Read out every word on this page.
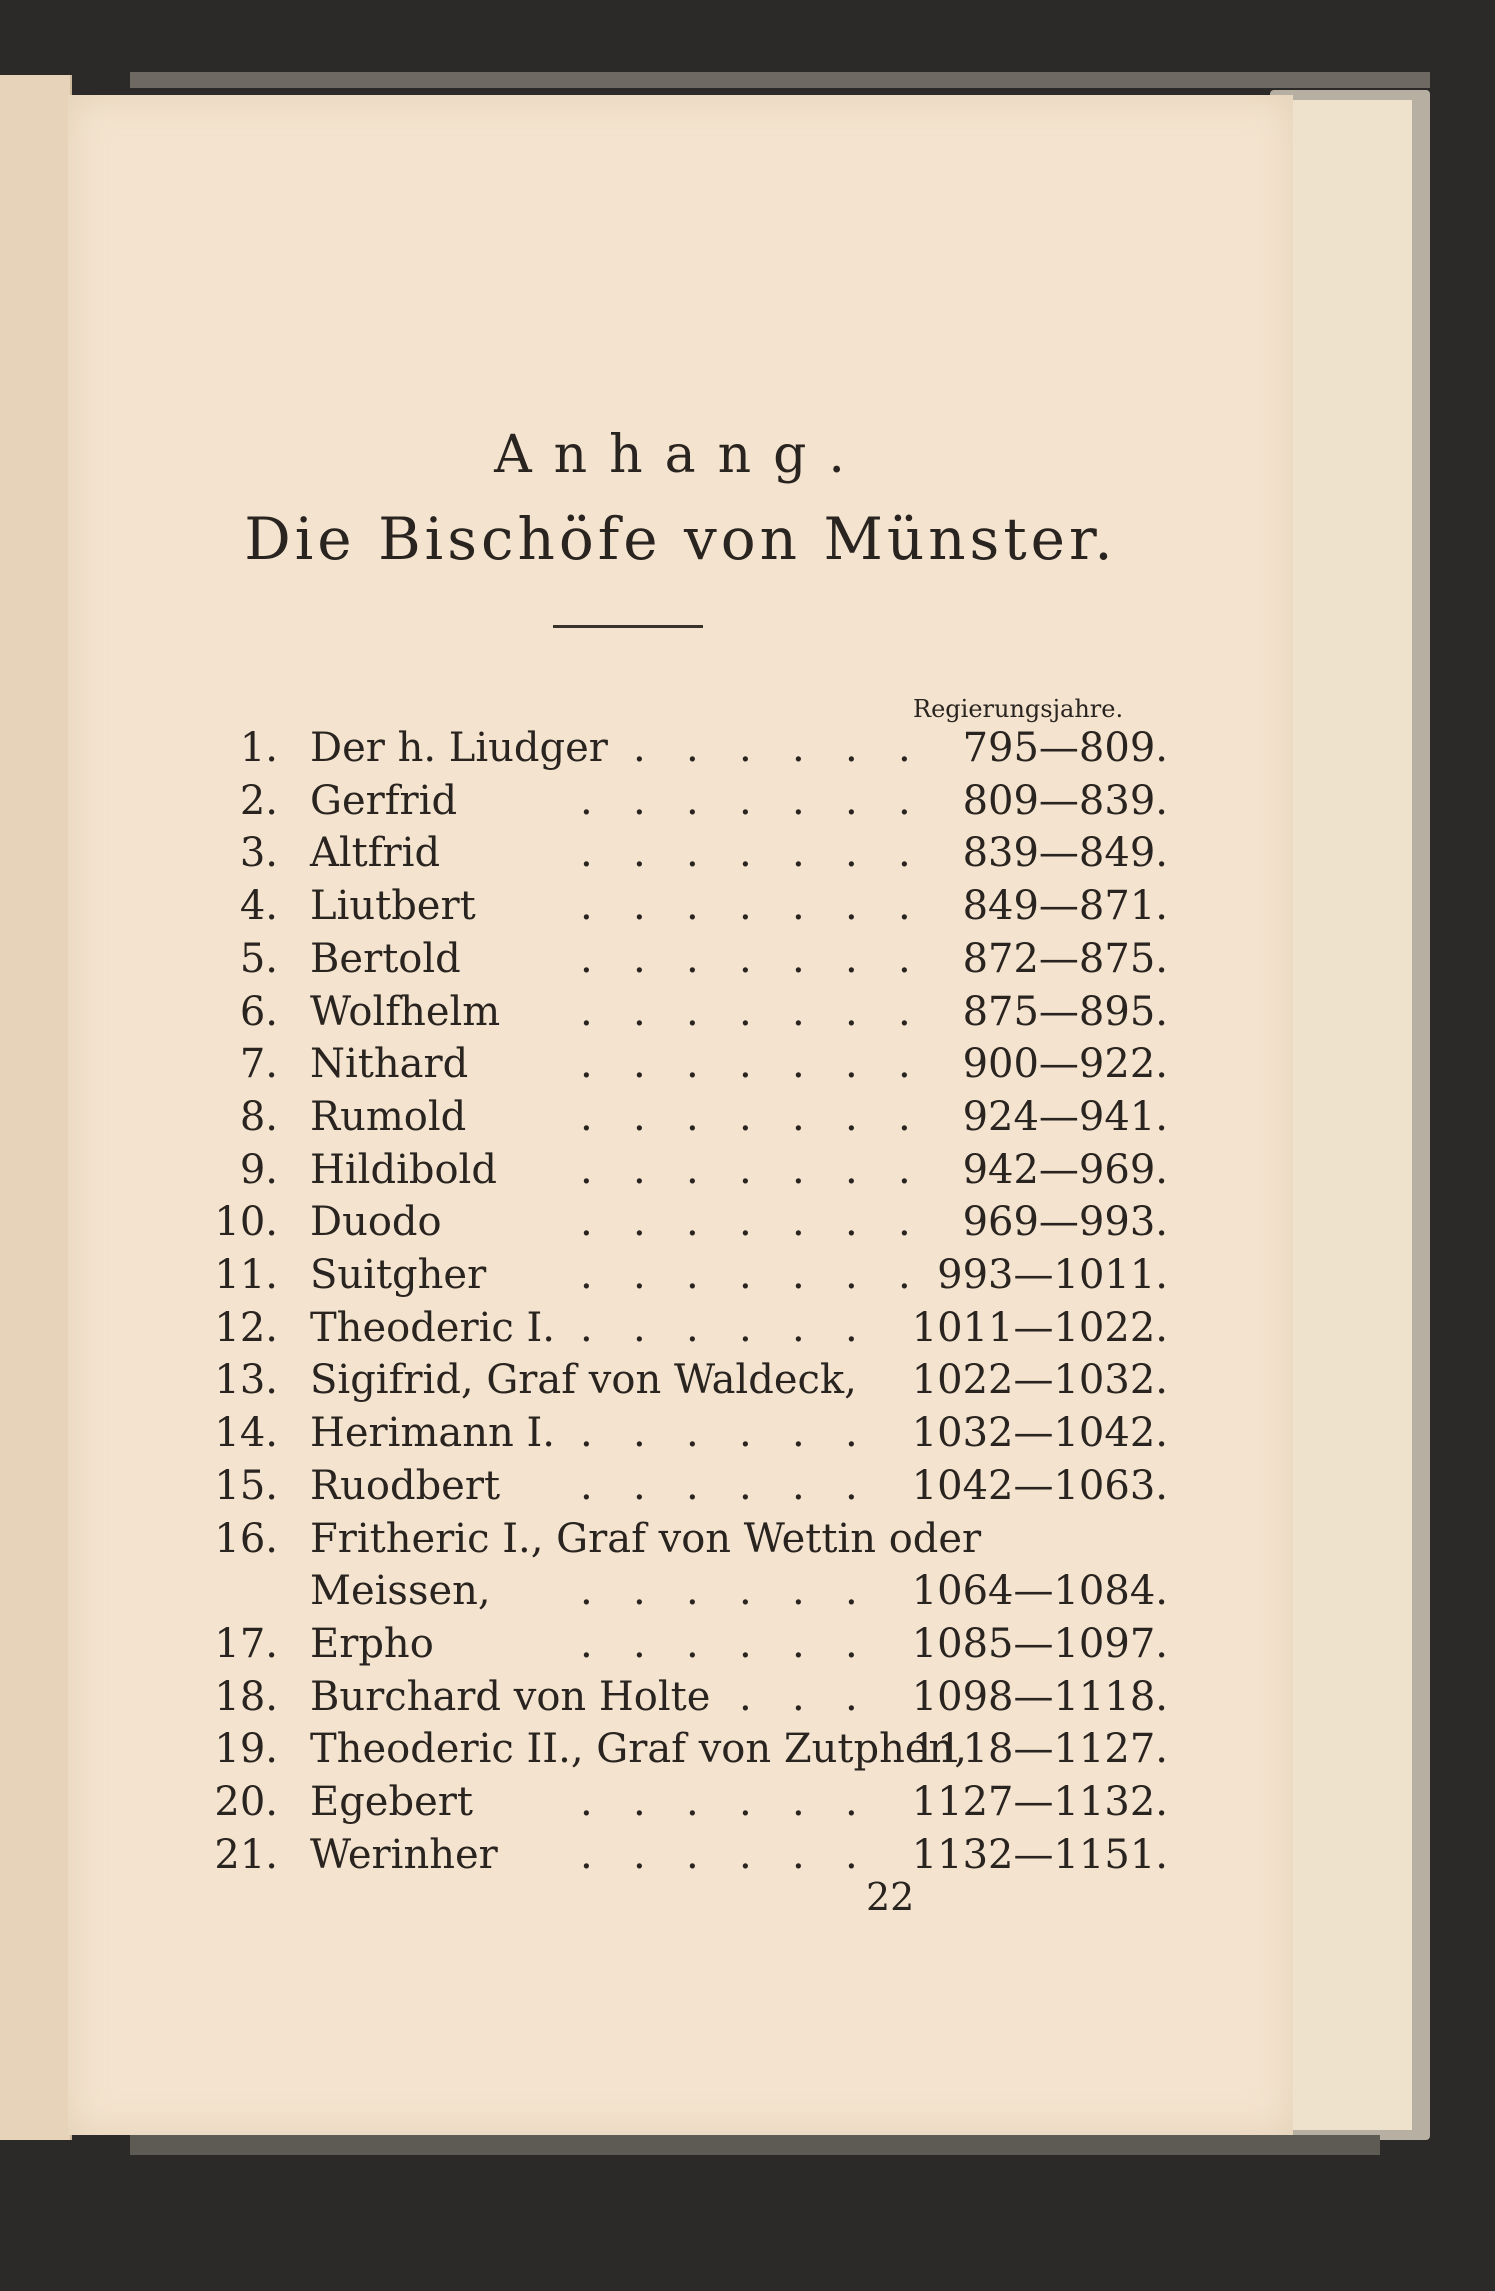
Anhang.
Die Bischöfe von Münster.
Regierungsjahre.
1. Der h. Liudger	795—809.
. . . . . .
2. Gerfrid	809—839.
. . . . . . .
3. Altfrid	839—849.
. . . . . . .
4. Liutbert	849—871.
. . . . . . .
5. Bertold	872—875.
. . . . . . .
6. Wolfhelm	875—895.
. . . . . . .
7. Nithard	900—922.
. . . . . . .
8. Rumold	924—941.
. . . . . . .
9. Hildibold	942—969.
. . . . . . .
10. Duodo	969—993.
. . . . . . .
11. Suitgher	993—1011.
. . . . . . .
12. Theoderic I.	1011—1022.
. . . . . .
13. Sigifrid, Graf von Waldeck, 1022—1032.
14. Herimann I.	1032—1042.
. . . . . .
15. Ruodbert	1042—1063.
. . . . . .
16. Fritheric I., Graf von Wettin oder
Meissen,	1064—1084.
. . . . . .
17. Erpho	1085—1097.
. . . . . .
18. Burchard von Holte	1098—1118.
. . .
19. Theoderic II., Graf von Zutphen,
1118—1127.
20. Egebert	1127—1132.
. . . . . .
21. Werinher	1132—1151.
. . . . . .
22
